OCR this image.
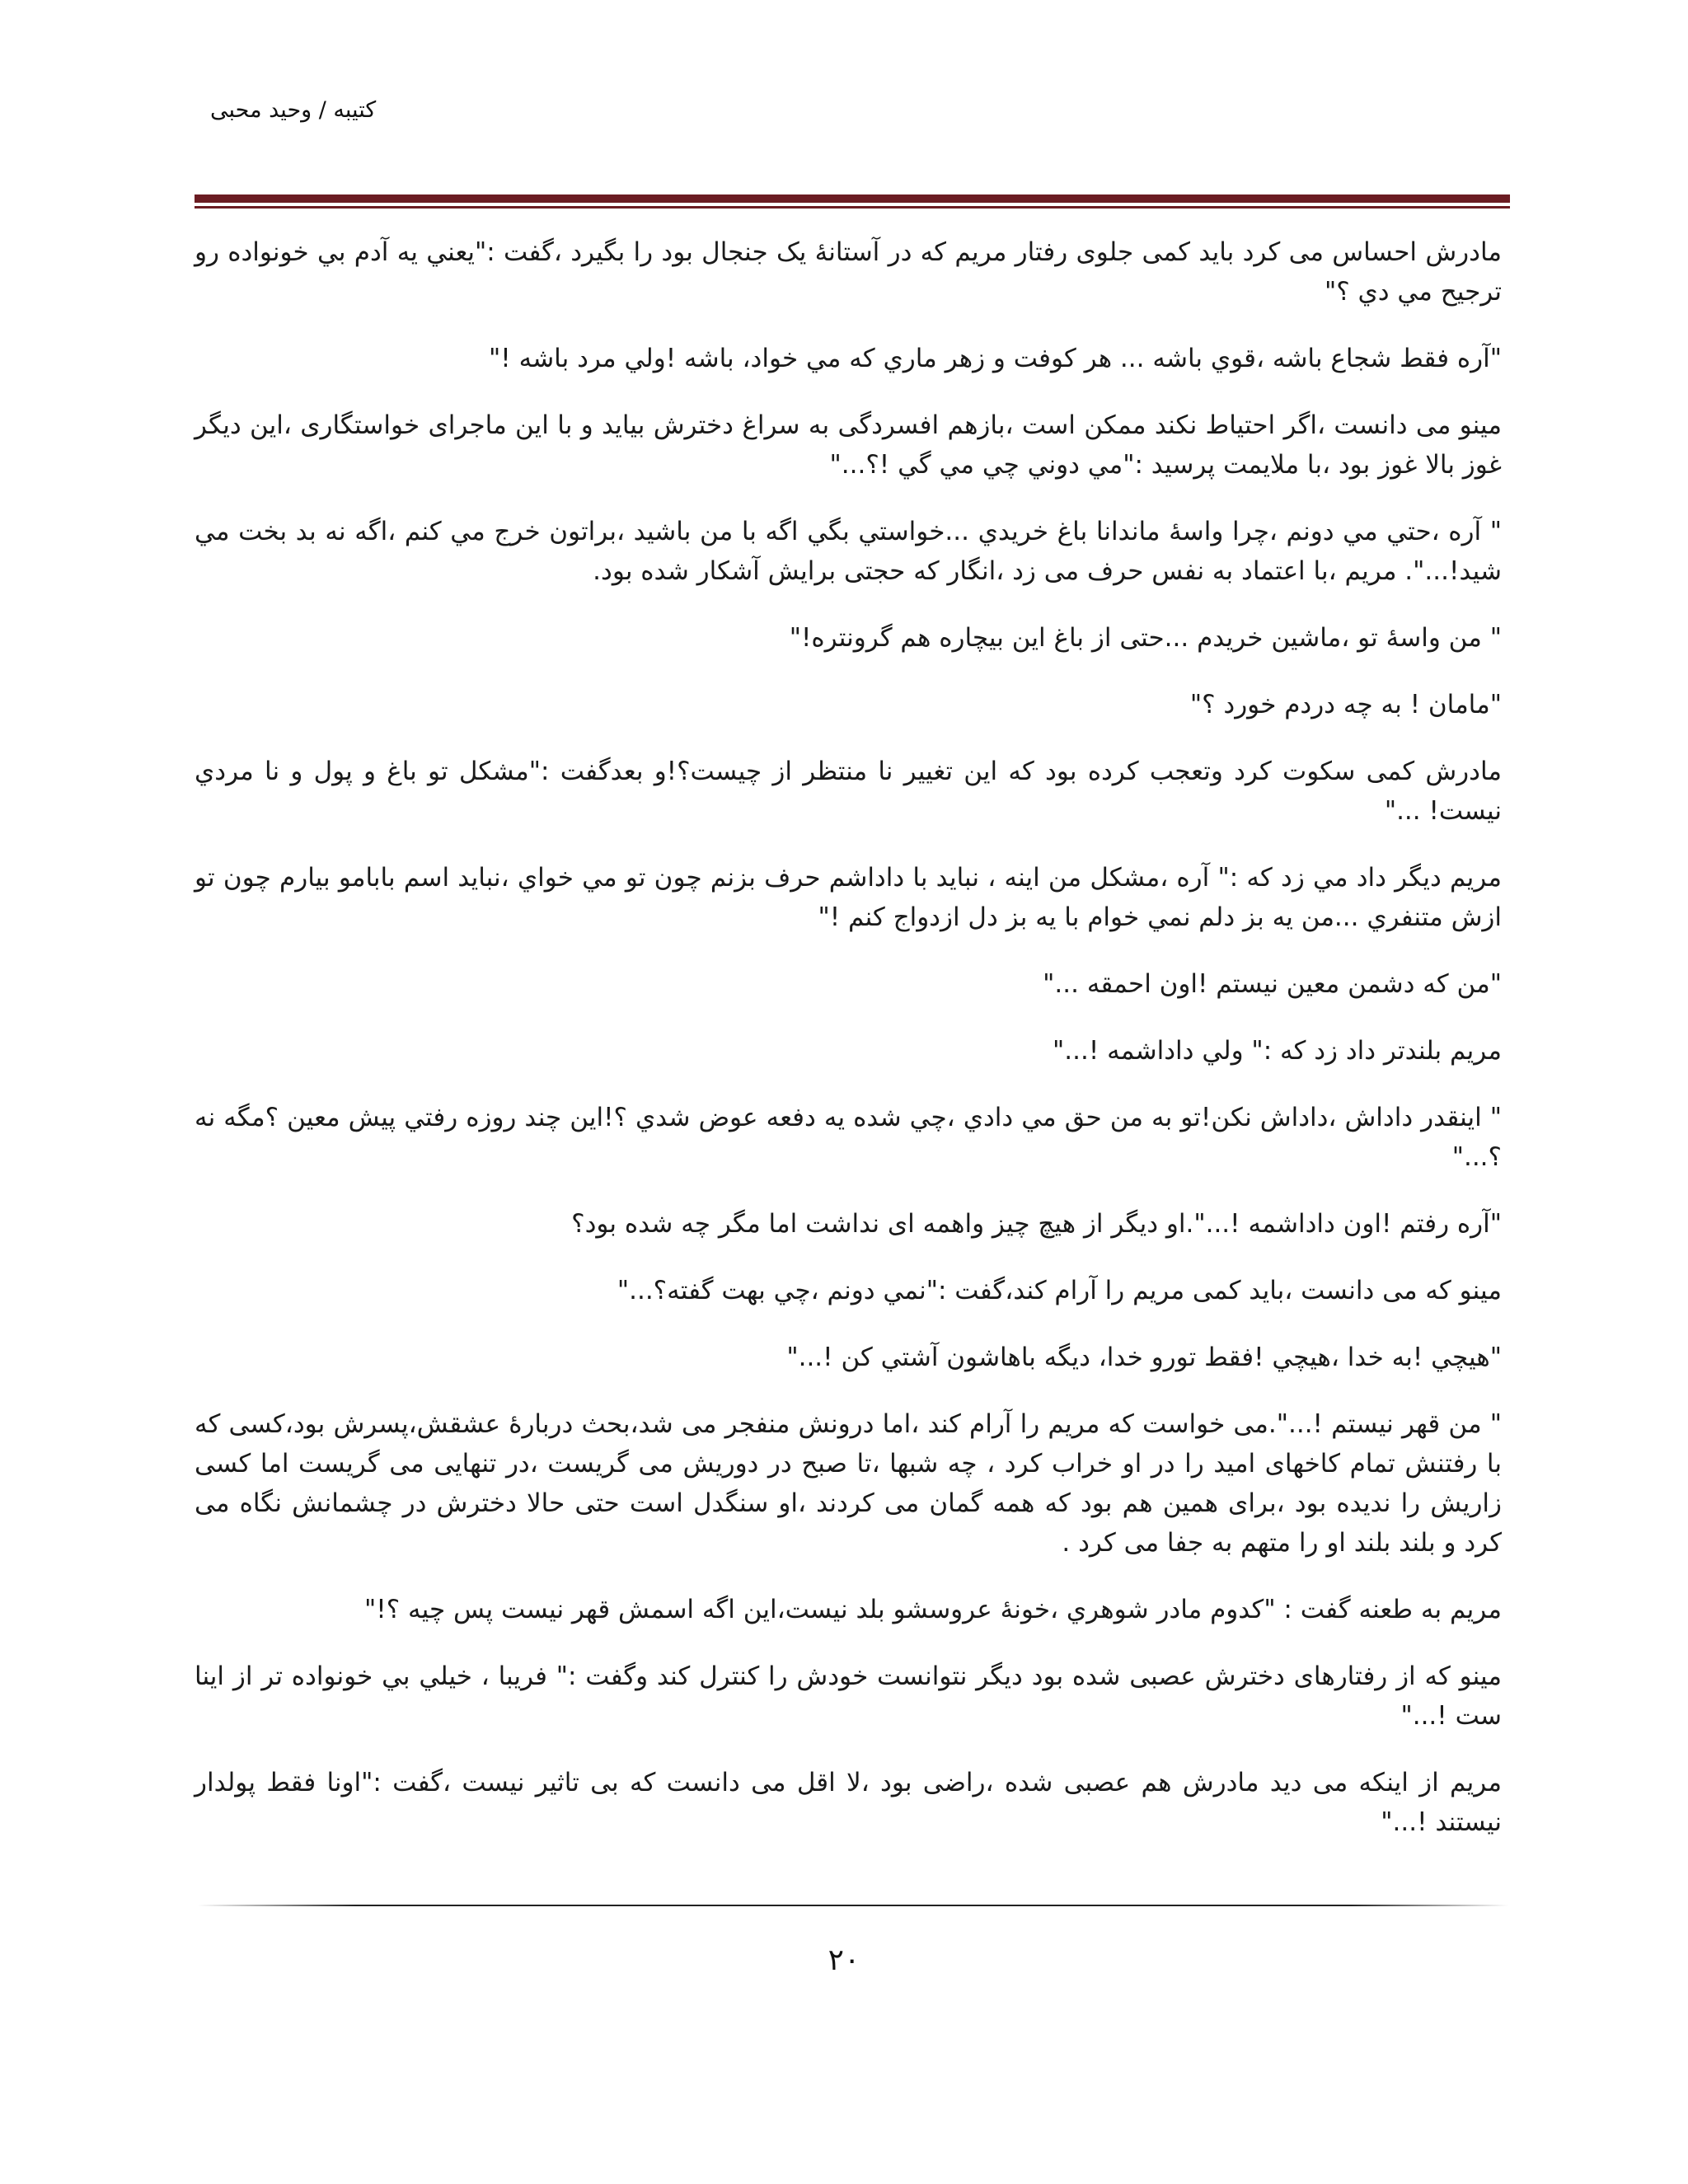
کتیبه / وحید محبی

مادرش احساس می کرد باید کمی جلوی رفتار مریم که در آستانۀ یک جنجال بود را بگیرد ،گفت :"يعني يه آدم بي خونواده رو ترجيح مي دي ؟"

"آره فقط شجاع باشه ،قوي باشه ... هر کوفت و زهر ماري که مي خواد، باشه !ولي مرد باشه !"

مینو می دانست ،اگر احتیاط نکند ممکن است ،بازهم افسردگی به سراغ دخترش بیاید و با این ماجرای خواستگاری ،این دیگر غوز بالا غوز بود ،با ملایمت پرسید :"مي دوني چي مي گي !؟..."

" آره ،حتي مي دونم ،چرا واسۀ ماندانا باغ خريدي ...خواستي بگي اگه با من باشيد ،براتون خرج مي کنم ،اگه نه بد بخت مي شيد!...". مریم ،با اعتماد به نفس حرف می زد ،انگار که حجتی برایش آشکار شده بود.

" من واسۀ تو ،ماشين خريدم ...حتی از باغ این بیچاره هم گرونتره!"

"مامان ! به چه دردم خورد ؟"

مادرش کمی سکوت کرد وتعجب کرده بود که این تغییر نا منتظر از چیست؟!و بعدگفت :"مشکل تو باغ و پول و نا مردي نيست! ..."

مريم ديگر داد مي زد که :" آره ،مشكل من اينه ، نبايد با داداشم حرف بزنم چون تو مي خواي ،نبايد اسم بابامو بيارم چون تو ازش متنفري ...من يه بز دلم نمي خوام با يه بز دل ازدواج كنم !"

"من که دشمن معين نيستم !اون احمقه ..."

مریم بلندتر داد زد که :" ولي داداشمه !..."

" اينقدر داداش ،داداش نکن!تو به من حق مي دادي ،چي شده يه دفعه عوض شدي ؟!اين چند روزه رفتي پيش معين ؟مگه نه ؟..."

"آره رفتم !اون داداشمه !...".او ديگر از هیچ چیز واهمه ای نداشت اما مگر چه شده بود؟

مینو که می دانست ،باید کمی مریم را آرام کند،گفت :"نمي دونم ،چي بهت گفته؟..."

"هيچي !به خدا ،هيچي !فقط تورو خدا، ديگه باهاشون آشتي کن !..."

" من قهر نيستم !...".می خواست که مریم را آرام کند ،اما درونش منفجر می شد،بحث دربارۀ عشقش،پسرش بود،کسی که با رفتنش تمام کاخهای امید را در او خراب کرد ، چه شبها ،تا صبح در دوریش می گریست ،در تنهایی می گریست اما کسی زاریش را ندیده بود ،برای همین هم بود که همه گمان می کردند ،او سنگدل است حتی حالا دخترش در چشمانش نگاه می کرد و بلند بلند او را متهم به جفا می کرد .

مریم به طعنه گفت : "کدوم مادر شوهري ،خونۀ عروسشو بلد نيست،اين اگه اسمش قهر نيست پس چيه ؟!"

مینو که از رفتارهای دخترش عصبی شده بود دیگر نتوانست خودش را کنترل کند وگفت :" فريبا ، خيلي بي خونواده تر از اينا ست !..."

مریم از اینکه می دید مادرش هم عصبی شده ،راضی بود ،لا اقل می دانست که بی تاثیر نیست ،گفت :"اونا فقط پولدار نيستند !..."

۲۰
